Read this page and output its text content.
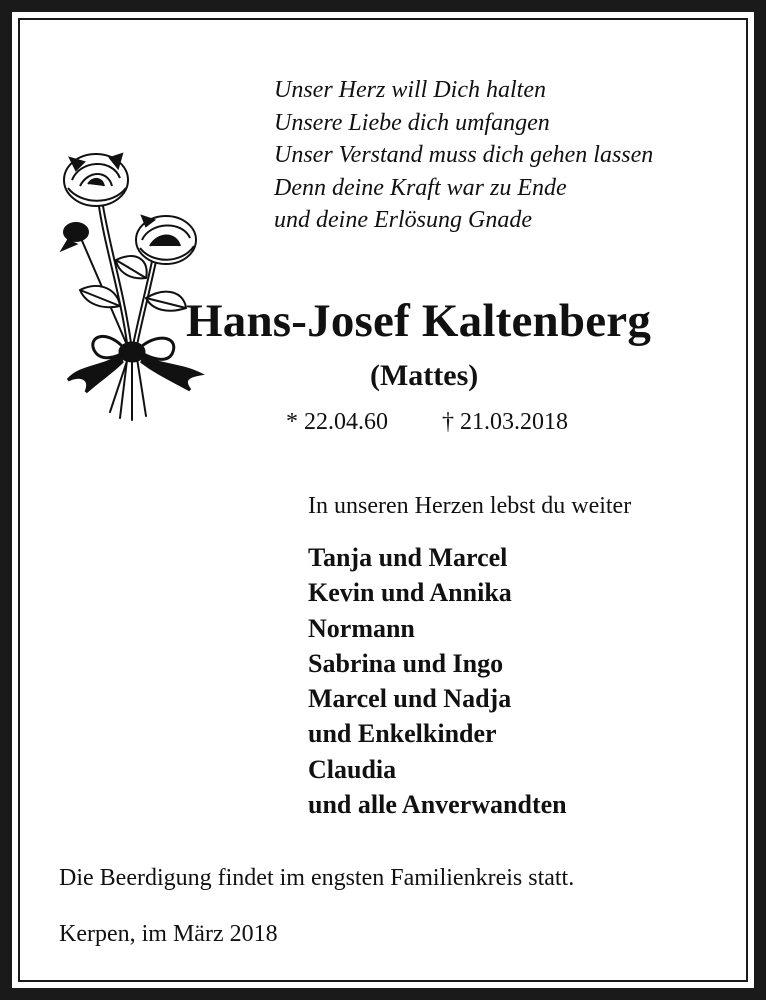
Unser Herz will Dich halten
Unsere Liebe dich umfangen
Unser Verstand muss dich gehen lassen
Denn deine Kraft war zu Ende
und deine Erlösung Gnade
Hans-Josef Kaltenberg
(Mattes)
* 22.04.60 † 21.03.2018
In unseren Herzen lebst du weiter
Tanja und Marcel
Kevin und Annika
Normann
Sabrina und Ingo
Marcel und Nadja
und Enkelkinder
Claudia
und alle Anverwandten
Die Beerdigung findet im engsten Familienkreis statt.
Kerpen, im März 2018
